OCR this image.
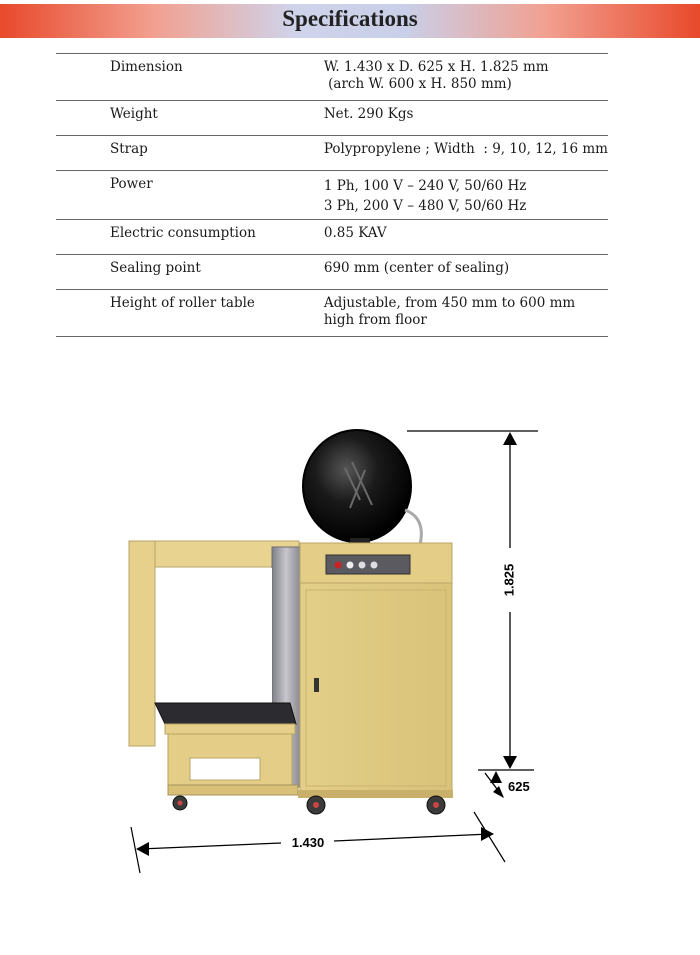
Specifications
Dimension	W. 1.430 x D. 625 x H. 1.825 mm
(arch W. 600 x H. 850 mm)

Weight	Net. 290 Kgs

Strap	Polypropylene ; Width  : 9, 10, 12, 16 mm

Power	1 Ph, 100 V – 240 V, 50/60 Hz
3 Ph, 200 V – 480 V, 50/60 Hz

Electric consumption	0.85 KAV

Sealing point	690 mm (center of sealing)

Height of roller table	Adjustable, from 450 mm to 600 mm
high from floor
1.825
625
1.430
